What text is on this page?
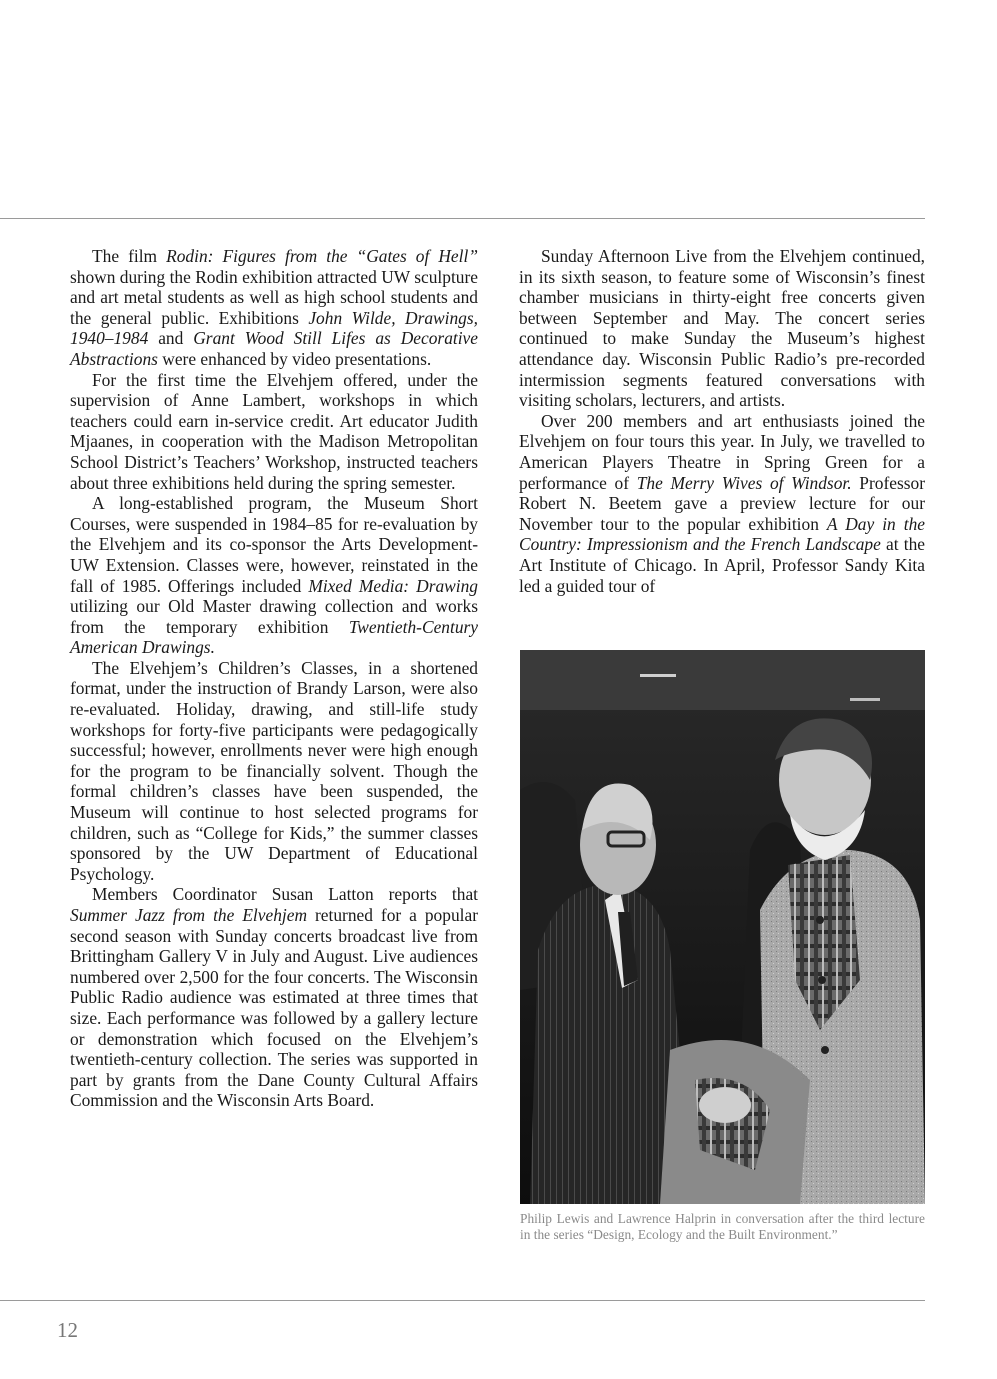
The film Rodin: Figures from the “Gates of Hell” shown during the Rodin exhibition attracted UW sculpture and art metal students as well as high school students and the general public. Exhibitions John Wilde, Drawings, 1940–1984 and Grant Wood Still Lifes as Decorative Abstractions were enhanced by video presentations.

For the first time the Elvehjem offered, under the supervision of Anne Lambert, workshops in which teachers could earn in-service credit. Art educator Judith Mjaanes, in cooperation with the Madison Metropolitan School District’s Teachers’ Workshop, instructed teachers about three exhibitions held during the spring semester.

A long-established program, the Museum Short Courses, were suspended in 1984–85 for re-evaluation by the Elvehjem and its co-sponsor the Arts Development-UW Extension. Classes were, however, reinstated in the fall of 1985. Offerings included Mixed Media: Drawing utilizing our Old Master drawing collection and works from the temporary exhibition Twentieth-Century American Drawings.

The Elvehjem’s Children’s Classes, in a shortened format, under the instruction of Brandy Larson, were also re-evaluated. Holiday, drawing, and still-life study workshops for forty-five participants were pedagogically successful; however, enrollments never were high enough for the program to be financially solvent. Though the formal children’s classes have been suspended, the Museum will continue to host selected programs for children, such as “College for Kids,” the summer classes sponsored by the UW Department of Educational Psychology.

Members Coordinator Susan Latton reports that Summer Jazz from the Elvehjem returned for a popular second season with Sunday concerts broadcast live from Brittingham Gallery V in July and August. Live audiences numbered over 2,500 for the four concerts. The Wisconsin Public Radio audience was estimated at three times that size. Each performance was followed by a gallery lecture or demonstration which focused on the Elvehjem’s twentieth-century collection. The series was supported in part by grants from the Dane County Cultural Affairs Commission and the Wisconsin Arts Board.

Sunday Afternoon Live from the Elvehjem continued, in its sixth season, to feature some of Wisconsin’s finest chamber musicians in thirty-eight free concerts given between September and May. The concert series continued to make Sunday the Museum’s highest attendance day. Wisconsin Public Radio’s pre-recorded intermission segments featured conversations with visiting scholars, lecturers, and artists.

Over 200 members and art enthusiasts joined the Elvehjem on four tours this year. In July, we travelled to American Players Theatre in Spring Green for a performance of The Merry Wives of Windsor. Professor Robert N. Beetem gave a preview lecture for our November tour to the popular exhibition A Day in the Country: Impressionism and the French Landscape at the Art Institute of Chicago. In April, Professor Sandy Kita led a guided tour of

Philip Lewis and Lawrence Halprin in conversation after the third lecture in the series “Design, Ecology and the Built Environment.”
12
